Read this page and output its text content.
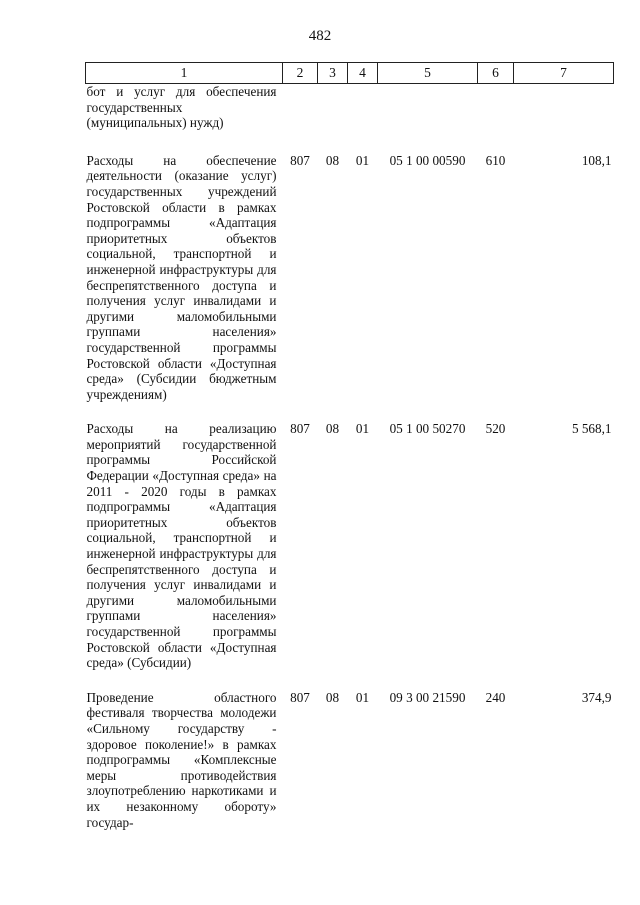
482
1	2	3	4	5	6	7
бот и услуг для обеспечения государственных (муниципальных) нужд)						
Расходы на обеспечение деятельности (оказание услуг) государственных учреждений Ростовской области в рамках подпрограммы «Адаптация приоритетных объектов социальной, транспортной и инженерной инфраструктуры для беспрепятственного доступа и получения услуг инвалидами и другими маломобильными группами населения» государственной программы Ростовской области «Доступная среда» (Субсидии бюджетным учреждениям)	807	08	01	05 1 00 00590	610	108,1
Расходы на реализацию мероприятий государственной программы Российской Федерации «Доступная среда» на 2011 - 2020 годы в рамках подпрограммы «Адаптация приоритетных объектов социальной, транспортной и инженерной инфраструктуры для беспрепятственного доступа и получения услуг инвалидами и другими маломобильными группами населения» государственной программы Ростовской области «Доступная среда» (Субсидии)	807	08	01	05 1 00 50270	520	5 568,1
Проведение областного фестиваля творчества молодежи «Сильному государству - здоровое поколение!» в рамках подпрограммы «Комплексные меры противодействия злоупотреблению наркотиками и их незаконному обороту» государ-	807	08	01	09 3 00 21590	240	374,9
